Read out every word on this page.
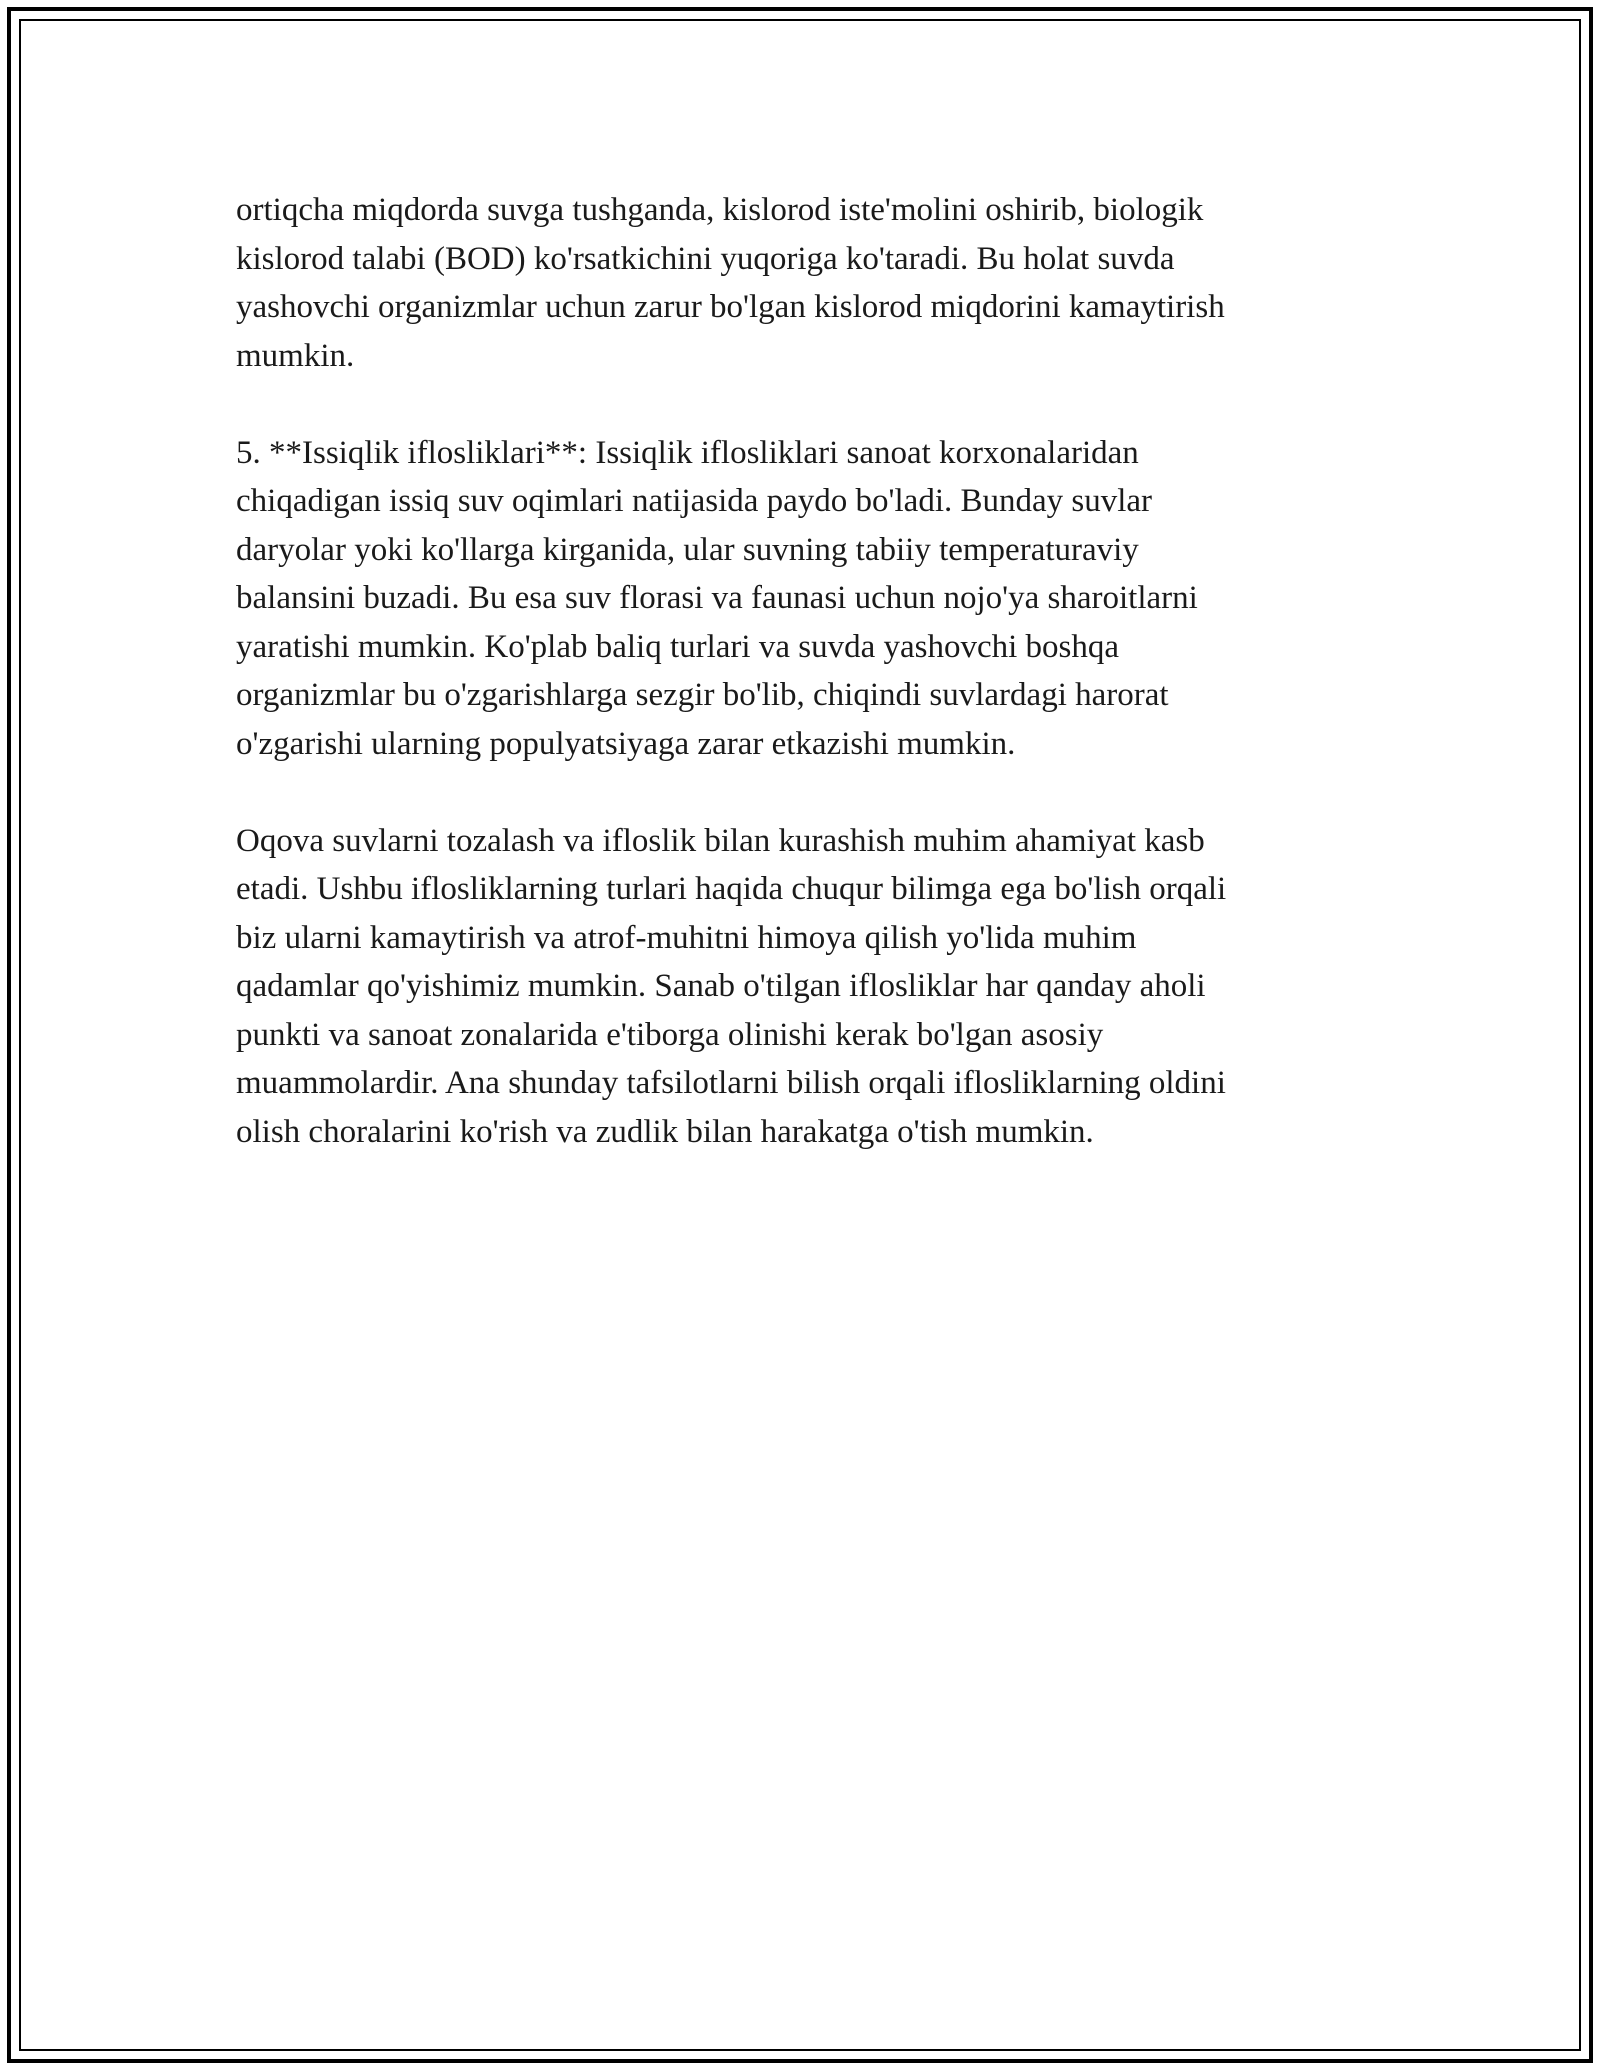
ortiqcha miqdorda suvga tushganda, kislorod iste'molini oshirib, biologik
kislorod talabi (BOD) ko'rsatkichini yuqoriga ko'taradi. Bu holat suvda
yashovchi organizmlar uchun zarur bo'lgan kislorod miqdorini kamaytirish
mumkin.

5. **Issiqlik iflosliklari**: Issiqlik iflosliklari sanoat korxonalaridan
chiqadigan issiq suv oqimlari natijasida paydo bo'ladi. Bunday suvlar
daryolar yoki ko'llarga kirganida, ular suvning tabiiy temperaturaviy
balansini buzadi. Bu esa suv florasi va faunasi uchun nojo'ya sharoitlarni
yaratishi mumkin. Ko'plab baliq turlari va suvda yashovchi boshqa
organizmlar bu o'zgarishlarga sezgir bo'lib, chiqindi suvlardagi harorat
o'zgarishi ularning populyatsiyaga zarar etkazishi mumkin.

Oqova suvlarni tozalash va ifloslik bilan kurashish muhim ahamiyat kasb
etadi. Ushbu iflosliklarning turlari haqida chuqur bilimga ega bo'lish orqali
biz ularni kamaytirish va atrof-muhitni himoya qilish yo'lida muhim
qadamlar qo'yishimiz mumkin. Sanab o'tilgan iflosliklar har qanday aholi
punkti va sanoat zonalarida e'tiborga olinishi kerak bo'lgan asosiy
muammolardir. Ana shunday tafsilotlarni bilish orqali iflosliklarning oldini
olish choralarini ko'rish va zudlik bilan harakatga o'tish mumkin.
